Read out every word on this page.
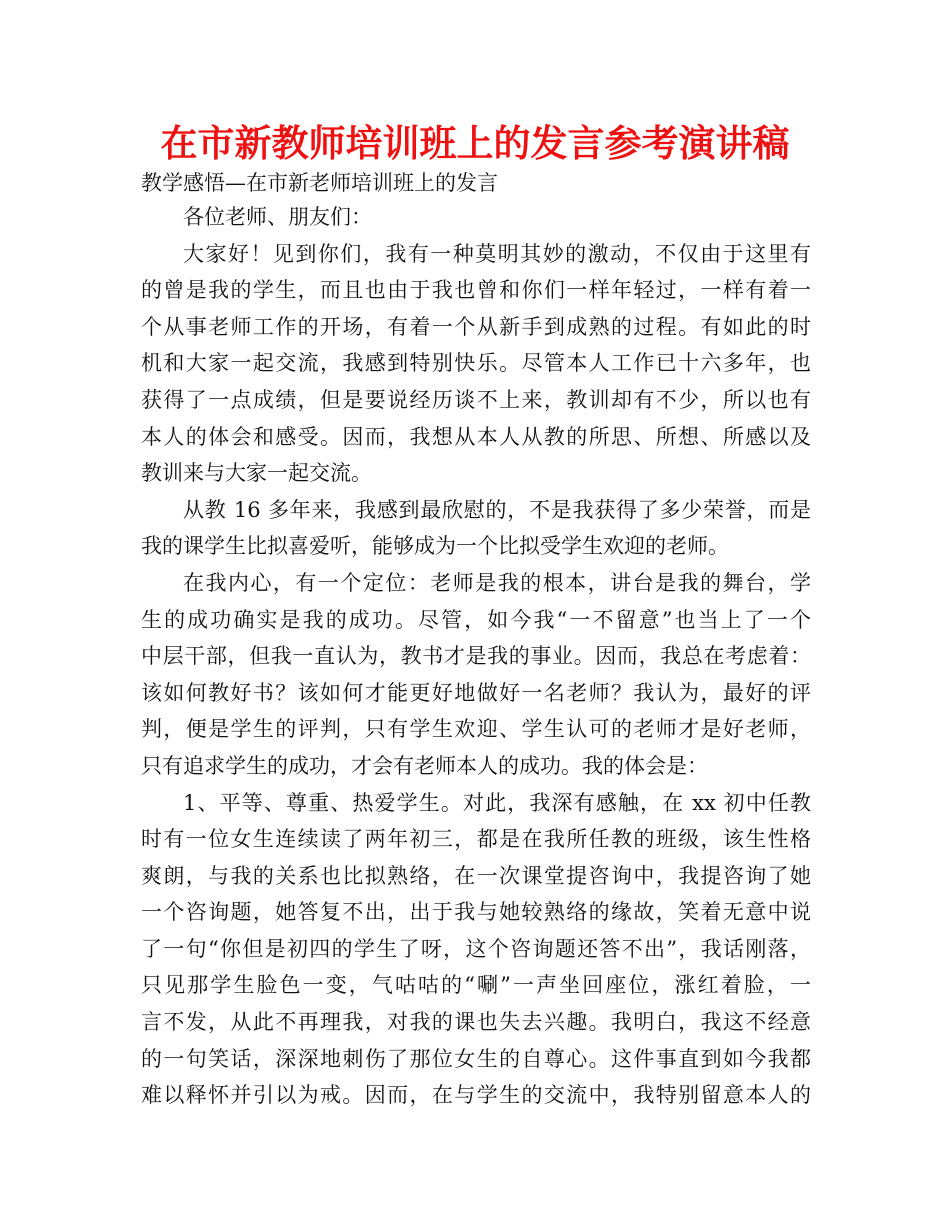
在市新教师培训班上的发言参考演讲稿
教学感悟—在市新老师培训班上的发言
各位老师、朋友们：
大家好！见到你们，我有一种莫明其妙的激动，不仅由于这里有
的曾是我的学生，而且也由于我也曾和你们一样年轻过，一样有着一
个从事老师工作的开场，有着一个从新手到成熟的过程。有如此的时
机和大家一起交流，我感到特别快乐。尽管本人工作已十六多年，也
获得了一点成绩，但是要说经历谈不上来，教训却有不少，所以也有
本人的体会和感受。因而，我想从本人从教的所思、所想、所感以及
教训来与大家一起交流。
从教 16 多年来，我感到最欣慰的，不是我获得了多少荣誉，而是
我的课学生比拟喜爱听，能够成为一个比拟受学生欢迎的老师。
在我内心，有一个定位：老师是我的根本，讲台是我的舞台，学
生的成功确实是我的成功。尽管，如今我“一不留意”也当上了一个
中层干部，但我一直认为，教书才是我的事业。因而，我总在考虑着：
该如何教好书？该如何才能更好地做好一名老师？我认为，最好的评
判，便是学生的评判，只有学生欢迎、学生认可的老师才是好老师，
只有追求学生的成功，才会有老师本人的成功。我的体会是：
1、平等、尊重、热爱学生。对此，我深有感触，在 xx 初中任教
时有一位女生连续读了两年初三，都是在我所任教的班级，该生性格
爽朗，与我的关系也比拟熟络，在一次课堂提咨询中，我提咨询了她
一个咨询题，她答复不出，出于我与她较熟络的缘故，笑着无意中说
了一句“你但是初四的学生了呀，这个咨询题还答不出”，我话刚落，
只见那学生脸色一变，气咕咕的“唰”一声坐回座位，涨红着脸，一
言不发，从此不再理我，对我的课也失去兴趣。我明白，我这不经意
的一句笑话，深深地刺伤了那位女生的自尊心。这件事直到如今我都
难以释怀并引以为戒。因而，在与学生的交流中，我特别留意本人的
